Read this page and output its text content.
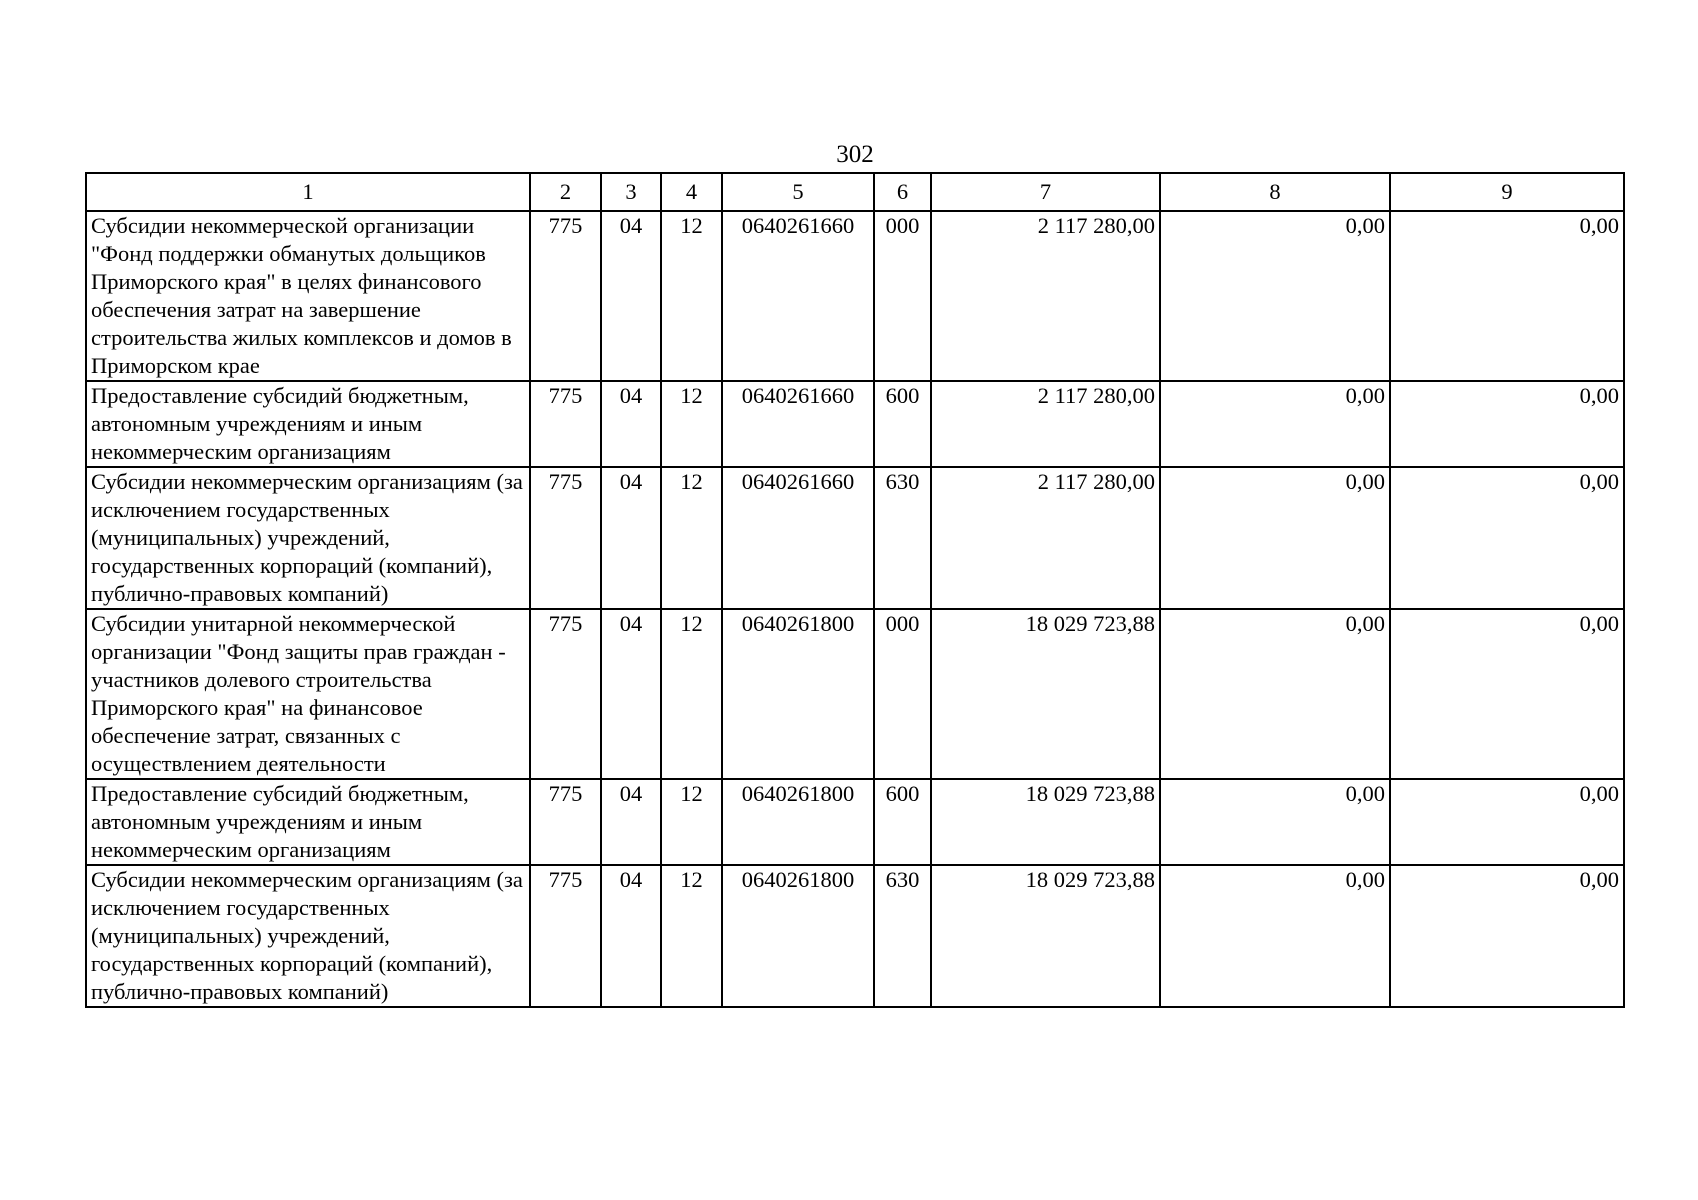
302
1	2	3	4	5	6	7	8	9
Субсидии некоммерческой организации "Фонд поддержки обманутых дольщиков Приморского края" в целях финансового обеспечения затрат на завершение строительства жилых комплексов и домов в Приморском крае	775	04	12	0640261660	000	2 117 280,00	0,00	0,00
Предоставление субсидий бюджетным, автономным учреждениям и иным некоммерческим организациям	775	04	12	0640261660	600	2 117 280,00	0,00	0,00
Субсидии некоммерческим организациям (за исключением государственных (муниципальных) учреждений, государственных корпораций (компаний), публично-правовых компаний)	775	04	12	0640261660	630	2 117 280,00	0,00	0,00
Субсидии унитарной некоммерческой организации "Фонд защиты прав граждан - участников долевого строительства Приморского края" на финансовое обеспечение затрат, связанных с осуществлением деятельности	775	04	12	0640261800	000	18 029 723,88	0,00	0,00
Предоставление субсидий бюджетным, автономным учреждениям и иным некоммерческим организациям	775	04	12	0640261800	600	18 029 723,88	0,00	0,00
Субсидии некоммерческим организациям (за исключением государственных (муниципальных) учреждений, государственных корпораций (компаний), публично-правовых компаний)	775	04	12	0640261800	630	18 029 723,88	0,00	0,00
